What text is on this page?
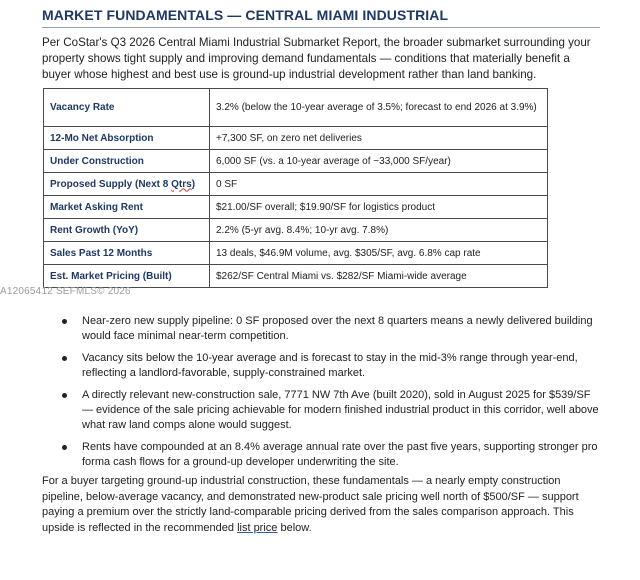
MARKET FUNDAMENTALS — CENTRAL MIAMI INDUSTRIAL

Per CoStar's Q3 2026 Central Miami Industrial Submarket Report, the broader submarket surrounding your property shows tight supply and improving demand fundamentals — conditions that materially benefit a buyer whose highest and best use is ground-up industrial development rather than land banking.

Vacancy Rate	3.2% (below the 10-year average of 3.5%; forecast to end 2026 at 3.9%)
12-Mo Net Absorption	+7,300 SF, on zero net deliveries
Under Construction	6,000 SF (vs. a 10-year average of ~33,000 SF/year)
Proposed Supply (Next 8 Qtrs)	0 SF
Market Asking Rent	$21.00/SF overall; $19.90/SF for logistics product
Rent Growth (YoY)	2.2% (5-yr avg. 8.4%; 10-yr avg. 7.8%)
Sales Past 12 Months	13 deals, $46.9M volume, avg. $305/SF, avg. 6.8% cap rate
Est. Market Pricing (Built)	$262/SF Central Miami vs. $282/SF Miami-wide average
A12065412 SEFMLS© 2026
Near-zero new supply pipeline: 0 SF proposed over the next 8 quarters means a newly delivered building would face minimal near-term competition.
Vacancy sits below the 10-year average and is forecast to stay in the mid-3% range through year-end, reflecting a landlord-favorable, supply-constrained market.
A directly relevant new-construction sale, 7771 NW 7th Ave (built 2020), sold in August 2025 for $539/SF — evidence of the sale pricing achievable for modern finished industrial product in this corridor, well above what raw land comps alone would suggest.
Rents have compounded at an 8.4% average annual rate over the past five years, supporting stronger pro forma cash flows for a ground-up developer underwriting the site.

For a buyer targeting ground-up industrial construction, these fundamentals — a nearly empty construction pipeline, below-average vacancy, and demonstrated new-product sale pricing well north of $500/SF — support paying a premium over the strictly land-comparable pricing derived from the sales comparison approach. This upside is reflected in the recommended list price below.
